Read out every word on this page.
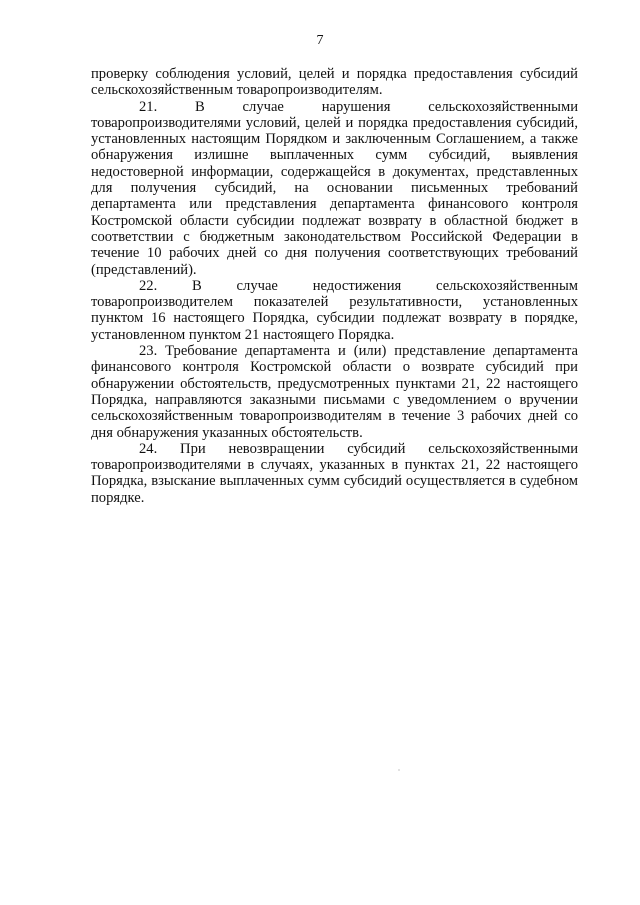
7

проверку соблюдения условий, целей и порядка предоставления субсидий сельскохозяйственным товаропроизводителям.

21. В случае нарушения сельскохозяйственными товаропроизводителями условий, целей и порядка предоставления субсидий, установленных настоящим Порядком и заключенным Соглашением, а также обнаружения излишне выплаченных сумм субсидий, выявления недостоверной информации, содержащейся в документах, представленных для получения субсидий, на основании письменных требований департамента или представления департамента финансового контроля Костромской области субсидии подлежат возврату в областной бюджет в соответствии с бюджетным законодательством Российской Федерации в течение 10 рабочих дней со дня получения соответствующих требований (представлений).

22. В случае недостижения сельскохозяйственным товаропроизводителем показателей результативности, установленных пунктом 16 настоящего Порядка, субсидии подлежат возврату в порядке, установленном пунктом 21 настоящего Порядка.

23. Требование департамента и (или) представление департамента финансового контроля Костромской области о возврате субсидий при обнаружении обстоятельств, предусмотренных пунктами 21, 22 настоящего Порядка, направляются заказными письмами с уведомлением о вручении сельскохозяйственным товаропроизводителям в течение 3 рабочих дней со дня обнаружения указанных обстоятельств.

24. При невозвращении субсидий сельскохозяйственными товаропроизводителями в случаях, указанных в пунктах 21, 22 настоящего Порядка, взыскание выплаченных сумм субсидий осуществляется в судебном порядке.
